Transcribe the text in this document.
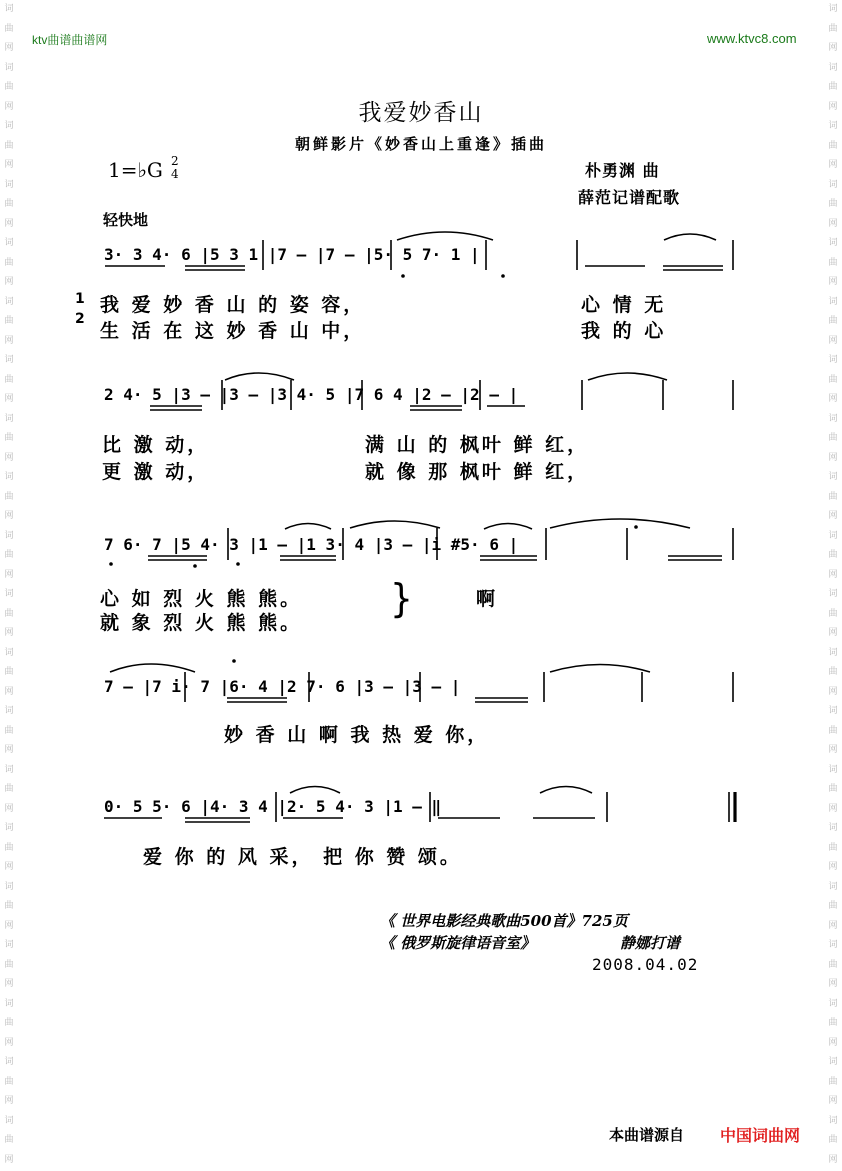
词曲网词曲网词曲网词曲网词曲网词曲网词曲网词曲网词曲网词曲网词曲网词曲网词曲网词曲网词曲网词曲网词曲网词曲网词曲网词曲网
词曲网词曲网词曲网词曲网词曲网词曲网词曲网词曲网词曲网词曲网词曲网词曲网词曲网词曲网词曲网词曲网词曲网词曲网词曲网词曲网
ktv曲谱曲谱网	www.ktvc8.com
我爱妙香山
朝鲜影片《妙香山上重逢》插曲
1=♭G 2
4	朴勇渊 曲
薛范记谱配歌
轻快地
3· 3 4· 6 |5 3 1 |7 – |7 – |5· 5 7· 1 |
2 4· 5 |3 – |3 – |3 4· 5 |7 6 4 |2 – |2 – |
7 6· 7 |5 4· 3 |1 – |1 3· 4 |3 – |i #5· 6 |
7 – |7 i· 7 |6· 4 |2 7· 6 |3 – |3 – |
0· 5 5· 6 |4· 3 4 |2· 5 4· 3 |1 – ‖
1
2
我 爱 妙 香 山 的 姿 容，	心 情 无
生 活 在 这 妙 香 山 中，	我 的 心
比 激 动，	满 山 的 枫叶 鲜 红，
更 激 动，	就 像 那 枫叶 鲜 红，
心 如 烈 火 熊 熊。
就 象 烈 火 熊 熊。
}	啊
妙 香 山 啊 我 热 爱 你，
爱 你 的 风 采， 把 你 赞 颂。
《 世界电影经典歌曲500首》725页
《 俄罗斯旋律语音室》	静娜打谱
2008.04.02
本曲谱源自 中国词曲网
